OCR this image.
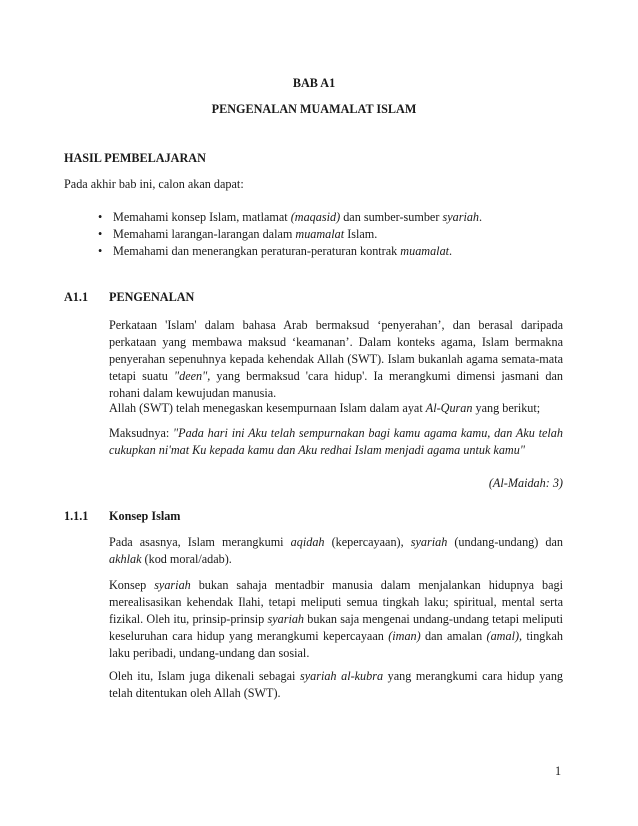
BAB A1
PENGENALAN MUAMALAT ISLAM
HASIL PEMBELAJARAN
Pada akhir bab ini, calon akan dapat:
• Memahami konsep Islam, matlamat (maqasid) dan sumber-sumber syariah.
• Memahami larangan-larangan dalam muamalat Islam.
• Memahami dan menerangkan peraturan-peraturan kontrak muamalat.
A1.1 PENGENALAN
Perkataan 'Islam' dalam bahasa Arab bermaksud ‘penyerahan’, dan berasal daripada perkataan yang membawa maksud ‘keamanan’. Dalam konteks agama, Islam bermakna penyerahan sepenuhnya kepada kehendak Allah (SWT). Islam bukanlah agama semata-mata tetapi suatu "deen", yang bermaksud 'cara hidup'. Ia merangkumi dimensi jasmani dan rohani dalam kewujudan manusia.
Allah (SWT) telah menegaskan kesempurnaan Islam dalam ayat Al-Quran yang berikut;
Maksudnya: "Pada hari ini Aku telah sempurnakan bagi kamu agama kamu, dan Aku telah cukupkan ni'mat Ku kepada kamu dan Aku redhai Islam menjadi agama untuk kamu"
(Al-Maidah: 3)
1.1.1 Konsep Islam
Pada asasnya, Islam merangkumi aqidah (kepercayaan), syariah (undang-undang) dan akhlak (kod moral/adab).
Konsep syariah bukan sahaja mentadbir manusia dalam menjalankan hidupnya bagi merealisasikan kehendak Ilahi, tetapi meliputi semua tingkah laku; spiritual, mental serta fizikal. Oleh itu, prinsip-prinsip syariah bukan saja mengenai undang-undang tetapi meliputi keseluruhan cara hidup yang merangkumi kepercayaan (iman) dan amalan (amal), tingkah laku peribadi, undang-undang dan sosial.
Oleh itu, Islam juga dikenali sebagai syariah al-kubra yang merangkumi cara hidup yang telah ditentukan oleh Allah (SWT).
1
